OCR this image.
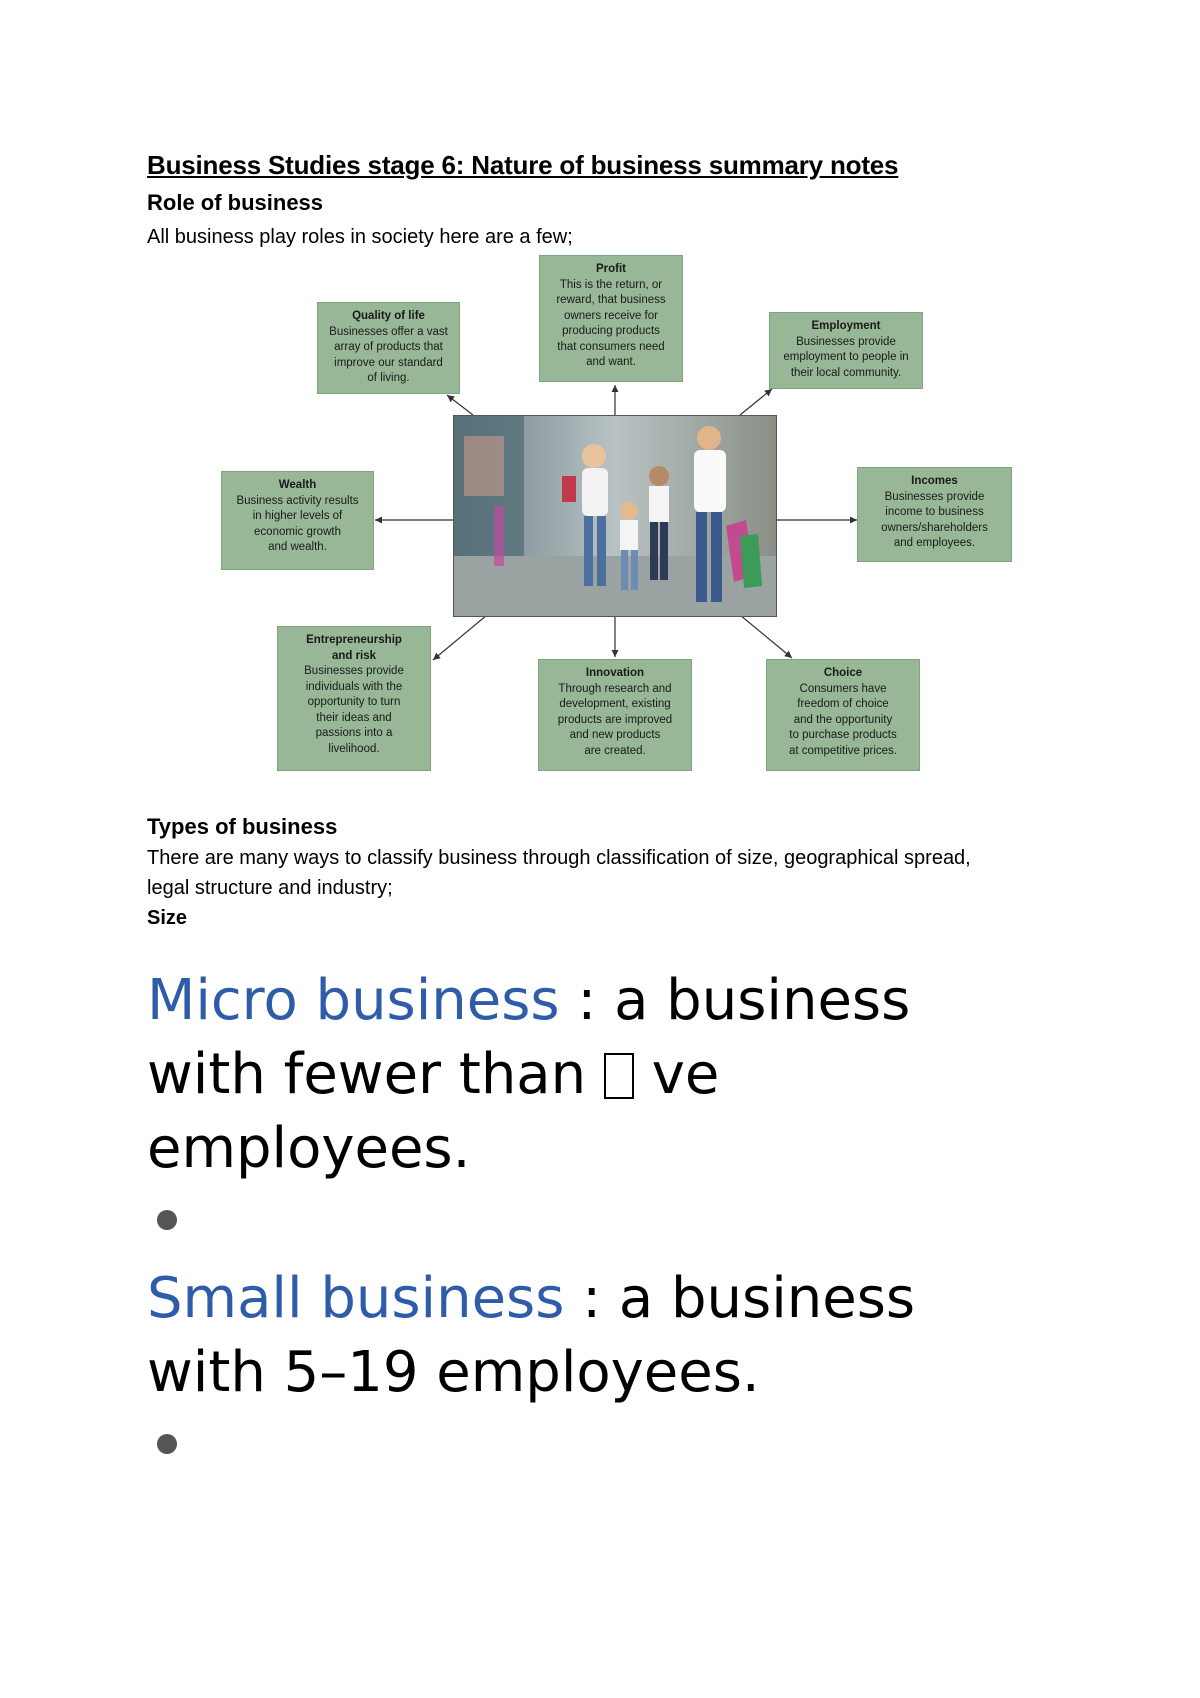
Business Studies stage 6: Nature of business summary notes
Role of business

All business play roles in society here are a few;

Profit
This is the return, or
reward, that business
owners receive for
producing products
that consumers need
and want.
Quality of life
Businesses offer a vast
array of products that
improve our standard
of living.
Employment
Businesses provide
employment to people in
their local community.
Wealth
Business activity results
in higher levels of
economic growth
and wealth.
Incomes
Businesses provide
income to business
owners/shareholders
and employees.
Entrepreneurship
and risk
Businesses provide
individuals with the
opportunity to turn
their ideas and
passions into a
livelihood.
Innovation
Through research and
development, existing
products are improved
and new products
are created.
Choice
Consumers have
freedom of choice
and the opportunity
to purchase products
at competitive prices.
Types of business

There are many ways to classify business through classification of size, geographical spread,

legal structure and industry;

Size

Micro business : a business
with fewer than  ve
employees.
Small business : a business
with 5–19 employees.
